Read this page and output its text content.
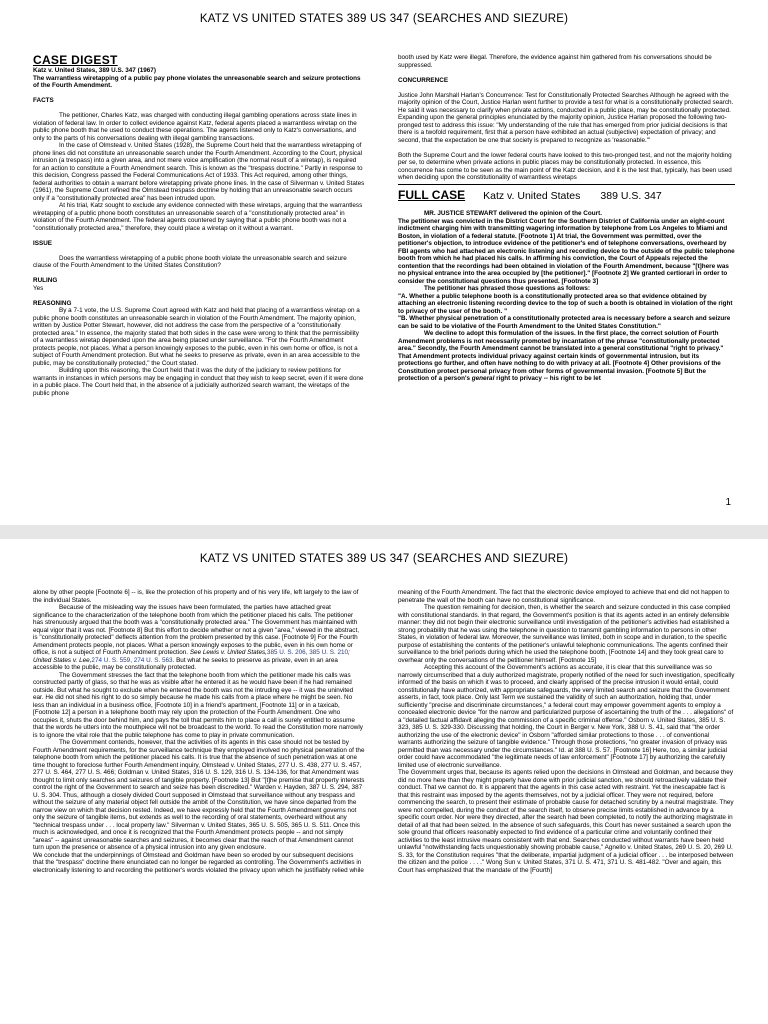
KATZ VS UNITED STATES 389 US 347 (SEARCHES AND SIEZURE)

CASE DIGEST

Katz v. United States, 389 U.S. 347 (1967)

The warrantless wiretapping of a public pay phone violates the unreasonable search and seizure protections of the Fourth Amendment.

FACTS

The petitioner, Charles Katz, was charged with conducting illegal gambling operations across state lines in violation of federal law. In order to collect evidence against Katz, federal agents placed a warrantless wiretap on the public phone booth that he used to conduct these operations. The agents listened only to Katz's conversations, and only to the parts of his conversations dealing with illegal gambling transactions.

In the case of Olmstead v. United States (1928), the Supreme Court held that the warrantless wiretapping of phone lines did not constitute an unreasonable search under the Fourth Amendment. According to the Court, physical intrusion (a trespass) into a given area, and not mere voice amplification (the normal result of a wiretap), is required for an action to constitute a Fourth Amendment search. This is known as the "trespass doctrine." Partly in response to this decision, Congress passed the Federal Communications Act of 1933. This Act required, among other things, federal authorities to obtain a warrant before wiretapping private phone lines. In the case of Silverman v. United States (1961), the Supreme Court refined the Olmstead trespass doctrine by holding that an unreasonable search occurs only if a "constitutionally protected area" has been intruded upon.

At his trial, Katz sought to exclude any evidence connected with these wiretaps, arguing that the warrantless wiretapping of a public phone booth constitutes an unreasonable search of a "constitutionally protected area" in violation of the Fourth Amendment. The federal agents countered by saying that a public phone booth was not a "constitutionally protected area," therefore, they could place a wiretap on it without a warrant.

ISSUE

Does the warrantless wiretapping of a public phone booth violate the unreasonable search and seizure clause of the Fourth Amendment to the United States Constitution?

RULING

Yes

REASONING

By a 7-1 vote, the U.S. Supreme Court agreed with Katz and held that placing of a warrantless wiretap on a public phone booth constitutes an unreasonable search in violation of the Fourth Amendment. The majority opinion, written by Justice Potter Stewart, however, did not address the case from the perspective of a "constitutionally protected area." In essence, the majority stated that both sides in the case were wrong to think that the permissibility of a warrantless wiretap depended upon the area being placed under surveillance. "For the Fourth Amendment protects people, not places. What a person knowingly exposes to the public, even in his own home or office, is not a subject of Fourth Amendment protection. But what he seeks to preserve as private, even in an area accessible to the public, may be constitutionally protected," the Court stated.

Building upon this reasoning, the Court held that it was the duty of the judiciary to review petitions for warrants in instances in which persons may be engaging in conduct that they wish to keep secret, even if it were done in a public place. The Court held that, in the absence of a judicially authorized search warrant, the wiretaps of the public phone

booth used by Katz were illegal. Therefore, the evidence against him gathered from his conversations should be suppressed.

CONCURRENCE

Justice John Marshall Harlan's Concurrence: Test for Constitutionally Protected Searches Although he agreed with the majority opinion of the Court, Justice Harlan went further to provide a test for what is a constitutionally protected search. He said it was necessary to clarify when private actions, conducted in a public place, may be constitutionally protected. Expanding upon the general principles enunciated by the majority opinion, Justice Harlan proposed the following two-pronged test to address this issue: "My understanding of the rule that has emerged from prior judicial decisions is that there is a twofold requirement, first that a person have exhibited an actual (subjective) expectation of privacy; and second, that the expectation be one that society is prepared to recognize as 'reasonable.'"

Both the Supreme Court and the lower federal courts have looked to this two-pronged test, and not the majority holding per se, to determine when private actions in public places may be constitutionally protected. In essence, this concurrence has come to be seen as the main point of the Katz decision, and it is the test that, typically, has been used when deciding upon the constitutionality of warrantless wiretaps

FULL CASE Katz v. United States 389 U.S. 347

MR. JUSTICE STEWART delivered the opinion of the Court.

The petitioner was convicted in the District Court for the Southern District of California under an eight-count indictment charging him with transmitting wagering information by telephone from Los Angeles to Miami and Boston, in violation of a federal statute. [Footnote 1] At trial, the Government was permitted, over the petitioner's objection, to introduce evidence of the petitioner's end of telephone conversations, overheard by FBI agents who had attached an electronic listening and recording device to the outside of the public telephone booth from which he had placed his calls. In affirming his conviction, the Court of Appeals rejected the contention that the recordings had been obtained in violation of the Fourth Amendment, because "[t]here was no physical entrance into the area occupied by [the petitioner]." [Footnote 2] We granted certiorari in order to consider the constitutional questions thus presented. [Footnote 3]

The petitioner has phrased those questions as follows:

"A. Whether a public telephone booth is a constitutionally protected area so that evidence obtained by attaching an electronic listening recording device to the top of such a booth is obtained in violation of the right to privacy of the user of the booth. "

"B. Whether physical penetration of a constitutionally protected area is necessary before a search and seizure can be said to be violative of the Fourth Amendment to the United States Constitution."

We decline to adopt this formulation of the issues. In the first place, the correct solution of Fourth Amendment problems is not necessarily promoted by incantation of the phrase "constitutionally protected area." Secondly, the Fourth Amendment cannot be translated into a general constitutional "right to privacy." That Amendment protects individual privacy against certain kinds of governmental intrusion, but its protections go further, and often have nothing to do with privacy at all. [Footnote 4] Other provisions of the Constitution protect personal privacy from other forms of governmental invasion. [Footnote 5] But the protection of a person's general right to privacy -- his right to be let

1
KATZ VS UNITED STATES 389 US 347 (SEARCHES AND SIEZURE)

alone by other people [Footnote 6] -- is, like the protection of his property and of his very life, left largely to the law of the individual States.

Because of the misleading way the issues have been formulated, the parties have attached great significance to the characterization of the telephone booth from which the petitioner placed his calls. The petitioner has strenuously argued that the booth was a "constitutionally protected area." The Government has maintained with equal vigor that it was not. [Footnote 8] But this effort to decide whether or not a given "area," viewed in the abstract, is "constitutionally protected" deflects attention from the problem presented by this case. [Footnote 9] For the Fourth Amendment protects people, not places. What a person knowingly exposes to the public, even in his own home or office, is not a subject of Fourth Amendment protection. See Lewis v. United States,385 U. S. 206, 385 U. S. 210; United States v. Lee,274 U. S. 559, 274 U. S. 563. But what he seeks to preserve as private, even in an area accessible to the public, may be constitutionally protected.

The Government stresses the fact that the telephone booth from which the petitioner made his calls was constructed partly of glass, so that he was as visible after he entered it as he would have been if he had remained outside. But what he sought to exclude when he entered the booth was not the intruding eye -- it was the uninvited ear. He did not shed his right to do so simply because he made his calls from a place where he might be seen. No less than an individual in a business office, [Footnote 10] in a friend's apartment, [Footnote 11] or in a taxicab, [Footnote 12] a person in a telephone booth may rely upon the protection of the Fourth Amendment. One who occupies it, shuts the door behind him, and pays the toll that permits him to place a call is surely entitled to assume that the words he utters into the mouthpiece will not be broadcast to the world. To read the Constitution more narrowly is to ignore the vital role that the public telephone has come to play in private communication.

The Government contends, however, that the activities of its agents in this case should not be tested by Fourth Amendment requirements, for the surveillance technique they employed involved no physical penetration of the telephone booth from which the petitioner placed his calls. It is true that the absence of such penetration was at one time thought to foreclose further Fourth Amendment inquiry, Olmstead v. United States, 277 U. S. 438, 277 U. S. 457, 277 U. S. 464, 277 U. S. 466; Goldman v. United States, 316 U. S. 129, 316 U. S. 134-136, for that Amendment was thought to limit only searches and seizures of tangible property. [Footnote 13] But "[t]he premise that property interests control the right of the Government to search and seize has been discredited." Warden v. Hayden, 387 U. S. 294, 387 U. S. 304. Thus, although a closely divided Court supposed in Olmstead that surveillance without any trespass and without the seizure of any material object fell outside the ambit of the Constitution, we have since departed from the narrow view on which that decision rested. Indeed, we have expressly held that the Fourth Amendment governs not only the seizure of tangible items, but extends as well to the recording of oral statements, overheard without any "technical trespass under . . . local property law." Silverman v. United States, 365 U. S. 505, 365 U. S. 511. Once this much is acknowledged, and once it is recognized that the Fourth Amendment protects people -- and not simply "areas" -- against unreasonable searches and seizures, it becomes clear that the reach of that Amendment cannot turn upon the presence or absence of a physical intrusion into any given enclosure.

We conclude that the underpinnings of Olmstead and Goldman have been so eroded by our subsequent decisions that the "trespass" doctrine there enunciated can no longer be regarded as controlling. The Government's activities in electronically listening to and recording the petitioner's words violated the privacy upon which he justifiably relied while

meaning of the Fourth Amendment. The fact that the electronic device employed to achieve that end did not happen to penetrate the wall of the booth can have no constitutional significance.

The question remaining for decision, then, is whether the search and seizure conducted in this case complied with constitutional standards. In that regard, the Government's position is that its agents acted in an entirely defensible manner: they did not begin their electronic surveillance until investigation of the petitioner's activities had established a strong probability that he was using the telephone in question to transmit gambling information to persons in other States, in violation of federal law. Moreover, the surveillance was limited, both in scope and in duration, to the specific purpose of establishing the contents of the petitioner's unlawful telephonic communications. The agents confined their surveillance to the brief periods during which he used the telephone booth, [Footnote 14] and they took great care to overhear only the conversations of the petitioner himself. [Footnote 15]

Accepting this account of the Government's actions as accurate, it is clear that this surveillance was so narrowly circumscribed that a duly authorized magistrate, properly notified of the need for such investigation, specifically informed of the basis on which it was to proceed, and clearly apprised of the precise intrusion it would entail, could constitutionally have authorized, with appropriate safeguards, the very limited search and seizure that the Government asserts, in fact, took place. Only last Term we sustained the validity of such an authorization, holding that, under sufficiently "precise and discriminate circumstances," a federal court may empower government agents to employ a concealed electronic device "for the narrow and particularized purpose of ascertaining the truth of the . . . allegations" of a "detailed factual affidavit alleging the commission of a specific criminal offense." Osborn v. United States, 385 U. S. 323, 385 U. S. 329-330. Discussing that holding, the Court in Berger v. New York, 388 U. S. 41, said that "the order authorizing the use of the electronic device" in Osborn "afforded similar protections to those . . . of conventional warrants authorizing the seizure of tangible evidence." Through those protections, "no greater invasion of privacy was permitted than was necessary under the circumstances." Id. at 388 U. S. 57. [Footnote 16] Here, too, a similar judicial order could have accommodated "the legitimate needs of law enforcement" [Footnote 17] by authorizing the carefully limited use of electronic surveillance.

The Government urges that, because its agents relied upon the decisions in Olmstead and Goldman, and because they did no more here than they might properly have done with prior judicial sanction, we should retroactively validate their conduct. That we cannot do. It is apparent that the agents in this case acted with restraint. Yet the inescapable fact is that this restraint was imposed by the agents themselves, not by a judicial officer. They were not required, before commencing the search, to present their estimate of probable cause for detached scrutiny by a neutral magistrate. They were not compelled, during the conduct of the search itself, to observe precise limits established in advance by a specific court order. Nor were they directed, after the search had been completed, to notify the authorizing magistrate in detail of all that had been seized. In the absence of such safeguards, this Court has never sustained a search upon the sole ground that officers reasonably expected to find evidence of a particular crime and voluntarily confined their activities to the least intrusive means consistent with that end. Searches conducted without warrants have been held unlawful "notwithstanding facts unquestionably showing probable cause," Agnello v. United States, 269 U. S. 20, 269 U. S. 33, for the Constitution requires "that the deliberate, impartial judgment of a judicial officer . . . be interposed between the citizen and the police . . . ." Wong Sun v. United States, 371 U. S. 471, 371 U. S. 481-482. "Over and again, this Court has emphasized that the mandate of the [Fourth]
